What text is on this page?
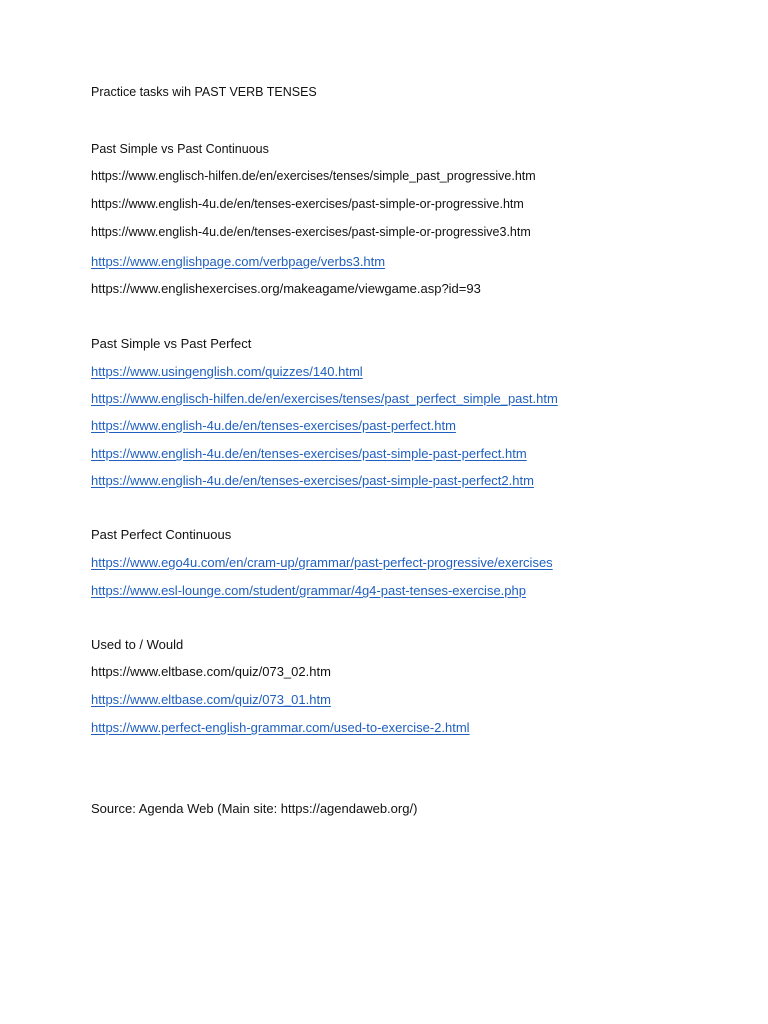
Practice tasks wih PAST VERB TENSES
Past Simple vs Past Continuous
https://www.englisch-hilfen.de/en/exercises/tenses/simple_past_progressive.htm
https://www.english-4u.de/en/tenses-exercises/past-simple-or-progressive.htm
https://www.english-4u.de/en/tenses-exercises/past-simple-or-progressive3.htm
https://www.englishpage.com/verbpage/verbs3.htm
https://www.englishexercises.org/makeagame/viewgame.asp?id=93
Past Simple vs Past Perfect
https://www.usingenglish.com/quizzes/140.html
https://www.englisch-hilfen.de/en/exercises/tenses/past_perfect_simple_past.htm
https://www.english-4u.de/en/tenses-exercises/past-perfect.htm
https://www.english-4u.de/en/tenses-exercises/past-simple-past-perfect.htm
https://www.english-4u.de/en/tenses-exercises/past-simple-past-perfect2.htm
Past Perfect Continuous
https://www.ego4u.com/en/cram-up/grammar/past-perfect-progressive/exercises
https://www.esl-lounge.com/student/grammar/4g4-past-tenses-exercise.php
Used to / Would
https://www.eltbase.com/quiz/073_02.htm
https://www.eltbase.com/quiz/073_01.htm
https://www.perfect-english-grammar.com/used-to-exercise-2.html
Source: Agenda Web (Main site: https://agendaweb.org/)
